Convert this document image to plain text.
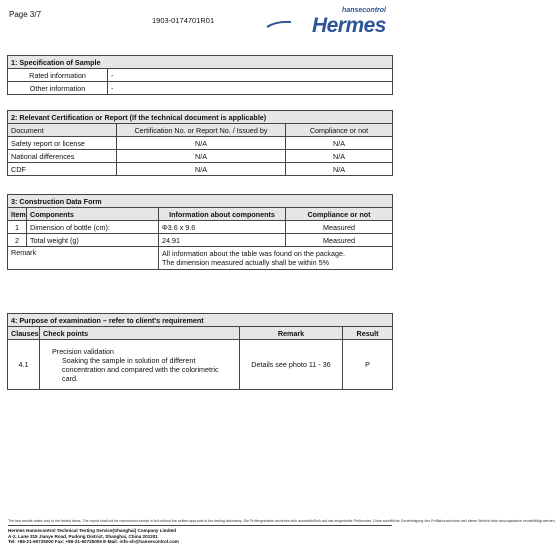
Page 3/7
1903-0174701R01
hansecontrol
Hermes
1: Specification of Sample	
Rated information	-
Other information	-
2: Relevant Certification or Report (If the technical document is applicable)		
Document	Certification No. or Report No. / Issued by	Compliance or not
Safety report or license	N/A	N/A
National differences	N/A	N/A
CDF	N/A	N/A
3: Construction Data Form			
Item	Components	Information about components	Compliance or not
1	Dimension of bottle (cm):	Φ3.6 x 9.6	Measured
2	Total weight (g)	24.91	Measured
Remark		All information about the table was found on the package.
The dimension measured actually shall be within 5%	
4: Purpose of examination – refer to client's requirement			
Clauses	Check points	Remark	Result
4.1	Precision validation
Soaking the sample in solution of different concentration and compared with the colorimetric card.	Details see photo 11 - 36	P
The test results relate only to the tested items. The report shall not be reproduced except in full without the written approval of the testing laboratory. Die Prüfergebnisse beziehen sich ausschließlich auf das eingestellte Prüfmuster. Ohne schriftliche Genehmigung des Prüflaboratoriums darf dieser Bericht nicht auszugsweise vervielfältigt werden.
Hermes Hansecontrol Technical Testing Service(Shanghai) Company Limited
A-2, Lane 315 Jianye Road, Pudong District, Shanghai, China 201201
Tel: +86-21-60725000 Fax: +86-21-60725009 E-Mail: info-sh@hansecontrol.com
